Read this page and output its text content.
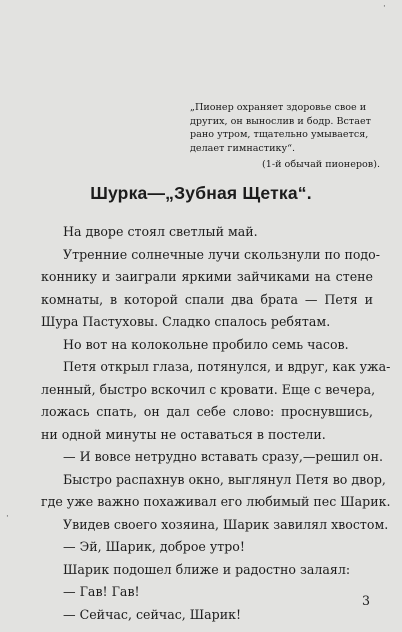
„Пионер охраняет здоровье свое и
других, он вынослив и бодр. Встает
рано утром, тщательно умывается,
делает гимнастику“.
(1-й обычай пионеров).
Шурка—„Зубная Щетка“.
На дворе стоял светлый май.
Утренние солнечные лучи скользнули по подо-
коннику и заиграли яркими зайчиками на стене
комнаты, в которой спали два брата — Петя и
Шура Пастуховы. Сладко спалось ребятам.
Но вот на колокольне пробило семь часов.
Петя открыл глаза, потянулся, и вдруг, как ужа-
ленный, быстро вскочил с кровати. Еще с вечера,
ложась спать, он дал себе слово: проснувшись,
ни одной минуты не оставаться в постели.
— И вовсе нетрудно вставать сразу,—решил он.
Быстро распахнув окно, выглянул Петя во двор,
где уже важно похаживал его любимый пес Шарик.
Увидев своего хозяина, Шарик завилял хвостом.
— Эй, Шарик, доброе утро!
Шарик подошел ближе и радостно залаял:
— Гав! Гав!
— Сейчас, сейчас, Шарик!
3
·
·
